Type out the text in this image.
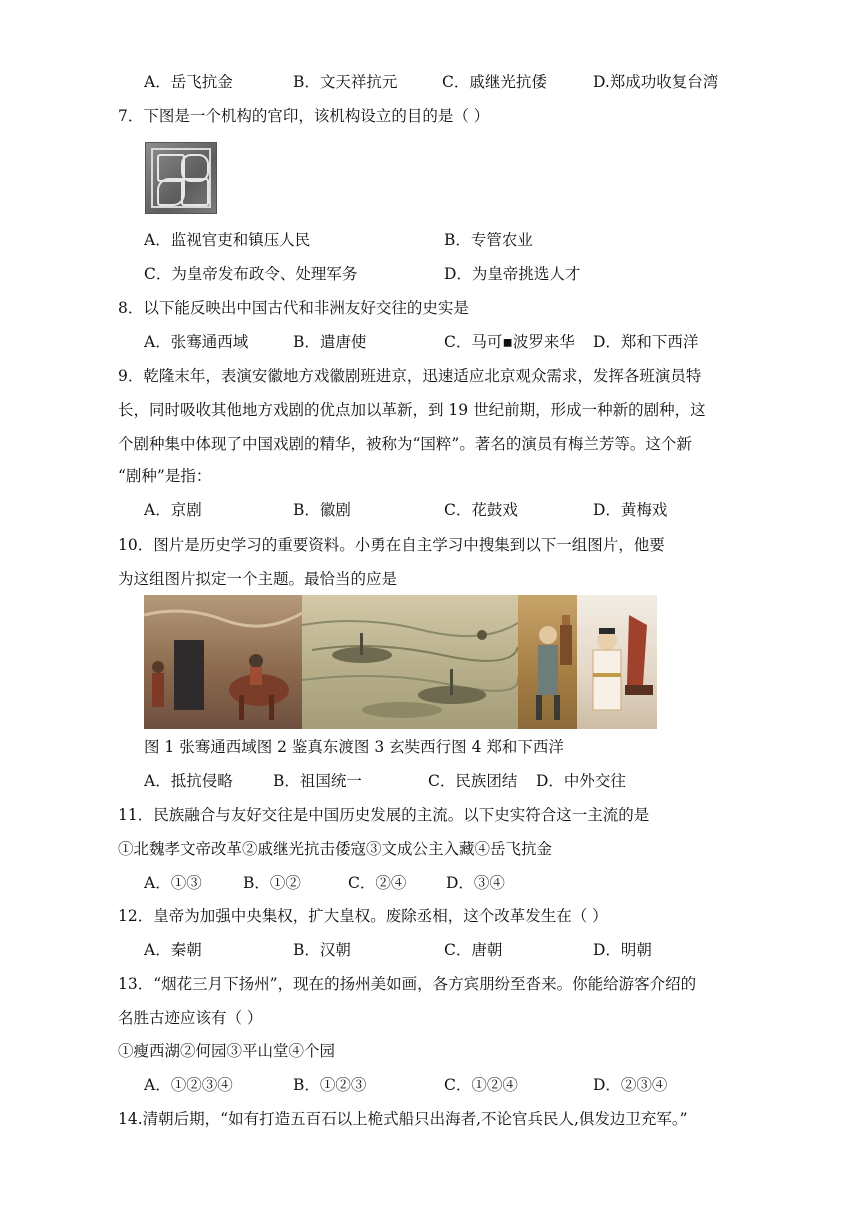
A．岳飞抗金	B．文天祥抗元	C．戚继光抗倭	D.郑成功收复台湾
7．下图是一个机构的官印，该机构设立的目的是（ ）
A．监视官吏和镇压人民	B．专管农业
C．为皇帝发布政令、处理军务	D．为皇帝挑选人才
8．以下能反映出中国古代和非洲友好交往的史实是
A．张骞通西域	B．遣唐使	C．马可▪波罗来华 D．郑和下西洋
9．乾隆末年，表演安徽地方戏徽剧班进京，迅速适应北京观众需求，发挥各班演员特
长，同时吸收其他地方戏剧的优点加以革新，到 19 世纪前期，形成一种新的剧种，这
个剧种集中体现了中国戏剧的精华，被称为“国粹”。著名的演员有梅兰芳等。这个新
“剧种”是指：
A．京剧	B．徽剧	C．花鼓戏	D．黄梅戏
10．图片是历史学习的重要资料。小勇在自主学习中搜集到以下一组图片，他要
为这组图片拟定一个主题。最恰当的应是
图 1 张骞通西域图 2 鉴真东渡图 3 玄奘西行图 4 郑和下西洋
A．抵抗侵略	B．祖国统一	C．民族团结 D．中外交往
11．民族融合与友好交往是中国历史发展的主流。以下史实符合这一主流的是
①北魏孝文帝改革②戚继光抗击倭寇③文成公主入藏④岳飞抗金
A．①③	B．①②	C．②④	D．③④
12．皇帝为加强中央集权，扩大皇权。废除丞相，这个改革发生在（ ）
A．秦朝	B．汉朝	C．唐朝	D．明朝
13．“烟花三月下扬州”，现在的扬州美如画，各方宾朋纷至沓来。你能给游客介绍的
名胜古迹应该有（ ）
①瘦西湖②何园③平山堂④个园
A．①②③④	B．①②③	C．①②④	D．②③④
14.清朝后期，“如有打造五百石以上桅式船只出海者,不论官兵民人,俱发边卫充军。”
